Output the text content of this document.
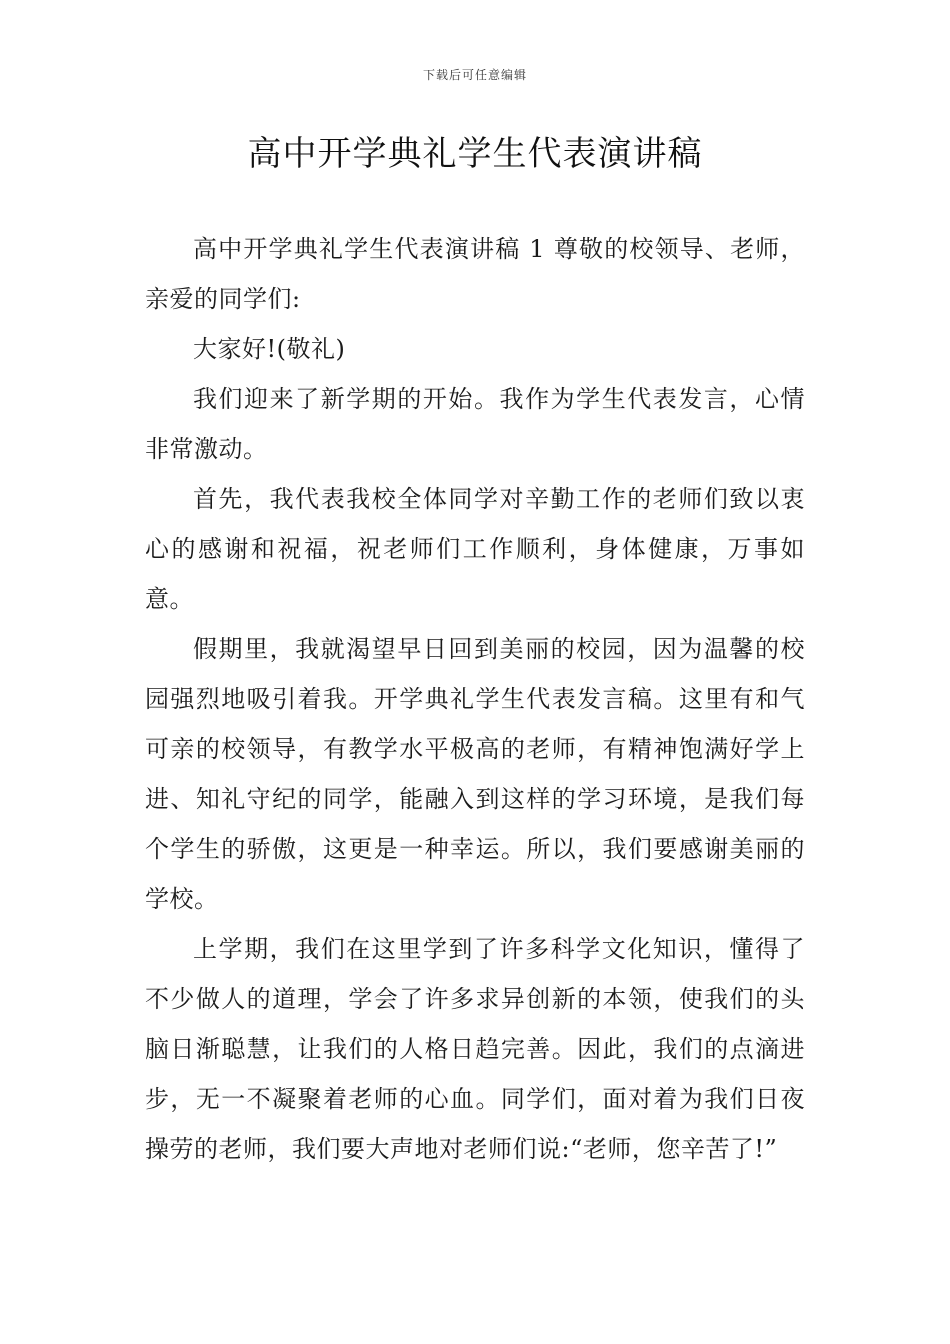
下载后可任意编辑
高中开学典礼学生代表演讲稿

高中开学典礼学生代表演讲稿 1 尊敬的校领导、老师，亲爱的同学们:

大家好!(敬礼)

我们迎来了新学期的开始。我作为学生代表发言，心情非常激动。

首先，我代表我校全体同学对辛勤工作的老师们致以衷心的感谢和祝福，祝老师们工作顺利，身体健康，万事如意。

假期里，我就渴望早日回到美丽的校园，因为温馨的校园强烈地吸引着我。开学典礼学生代表发言稿。这里有和气可亲的校领导，有教学水平极高的老师，有精神饱满好学上进、知礼守纪的同学，能融入到这样的学习环境，是我们每个学生的骄傲，这更是一种幸运。所以，我们要感谢美丽的学校。

上学期，我们在这里学到了许多科学文化知识，懂得了不少做人的道理，学会了许多求异创新的本领，使我们的头脑日渐聪慧，让我们的人格日趋完善。因此，我们的点滴进步，无一不凝聚着老师的心血。同学们，面对着为我们日夜操劳的老师，我们要大声地对老师们说:“老师，您辛苦了!”
